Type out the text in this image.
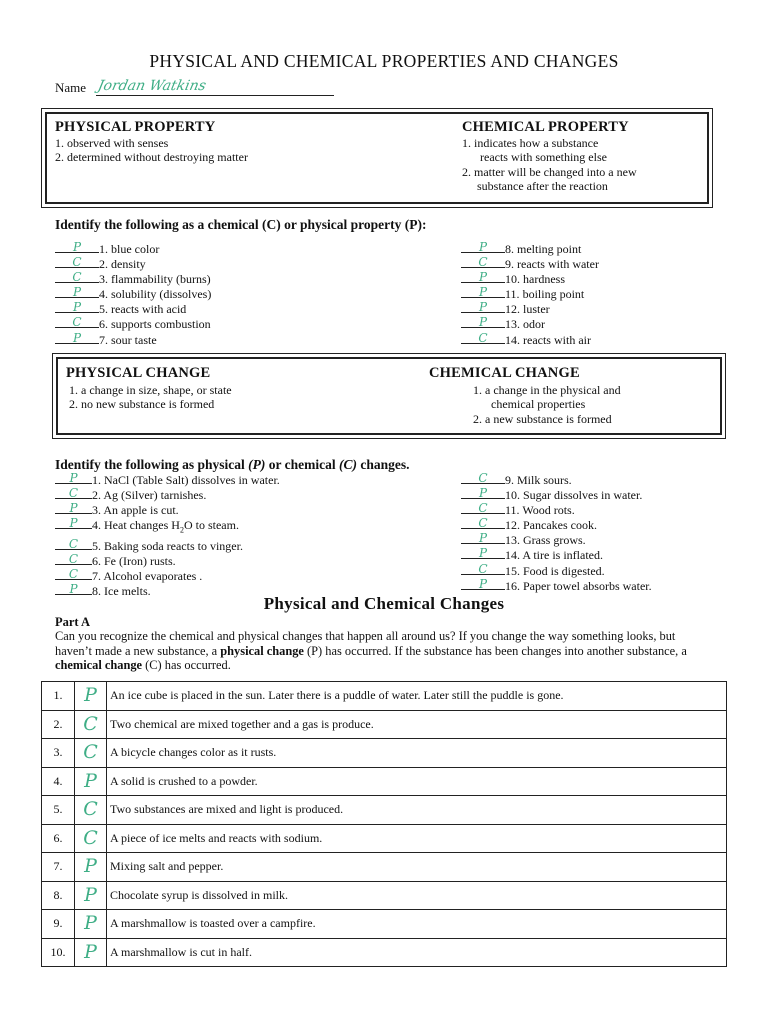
PHYSICAL AND CHEMICAL PROPERTIES AND CHANGES
Name Jordan Watkins
PHYSICAL PROPERTY
1. observed with senses
2. determined without destroying matter
CHEMICAL PROPERTY
1. indicates how a substance
reacts with something else
2. matter will be changed into a new
substance after the reaction
Identify the following as a chemical (C) or physical property (P):
P	1. blue color
C	2. density
C	3. flammability (burns)
P	4. solubility (dissolves)
P	5. reacts with acid
C	6. supports combustion
P	7. sour taste
P	8. melting point
C	9. reacts with water
P	10. hardness
P	11. boiling point
P	12. luster
P	13. odor
C	14. reacts with air
PHYSICAL CHANGE
1. a change in size, shape, or state
2. no new substance is formed
CHEMICAL CHANGE
1. a change in the physical and
chemical properties
2. a new substance is formed
Identify the following as physical (P) or chemical (C) changes.
P	1. NaCl (Table Salt) dissolves in water.
C	2. Ag (Silver) tarnishes.
P	3. An apple is cut.
P	4. Heat changes $H_2O$ to steam.
C	5. Baking soda reacts to vinger.
C	6. Fe (Iron) rusts.
C	7. Alcohol evaporates .
P	8. Ice melts.
C	9. Milk sours.
P	10. Sugar dissolves in water.
C	11. Wood rots.
C	12. Pancakes cook.
P	13. Grass grows.
P	14. A tire is inflated.
C	15. Food is digested.
P	16. Paper towel absorbs water.
Physical and Chemical Changes
Part A
Can you recognize the chemical and physical changes that happen all around us? If you change the way something looks, but haven’t made a new substance, a physical change (P) has occurred. If the substance has been changes into another substance, a chemical change (C) has occurred.
1.	P	An ice cube is placed in the sun. Later there is a puddle of water. Later still the puddle is gone.
2.	C	Two chemical are mixed together and a gas is produce.
3.	C	A bicycle changes color as it rusts.
4.	P	A solid is crushed to a powder.
5.	C	Two substances are mixed and light is produced.
6.	C	A piece of ice melts and reacts with sodium.
7.	P	Mixing salt and pepper.
8.	P	Chocolate syrup is dissolved in milk.
9.	P	A marshmallow is toasted over a campfire.
10.	P	A marshmallow is cut in half.
